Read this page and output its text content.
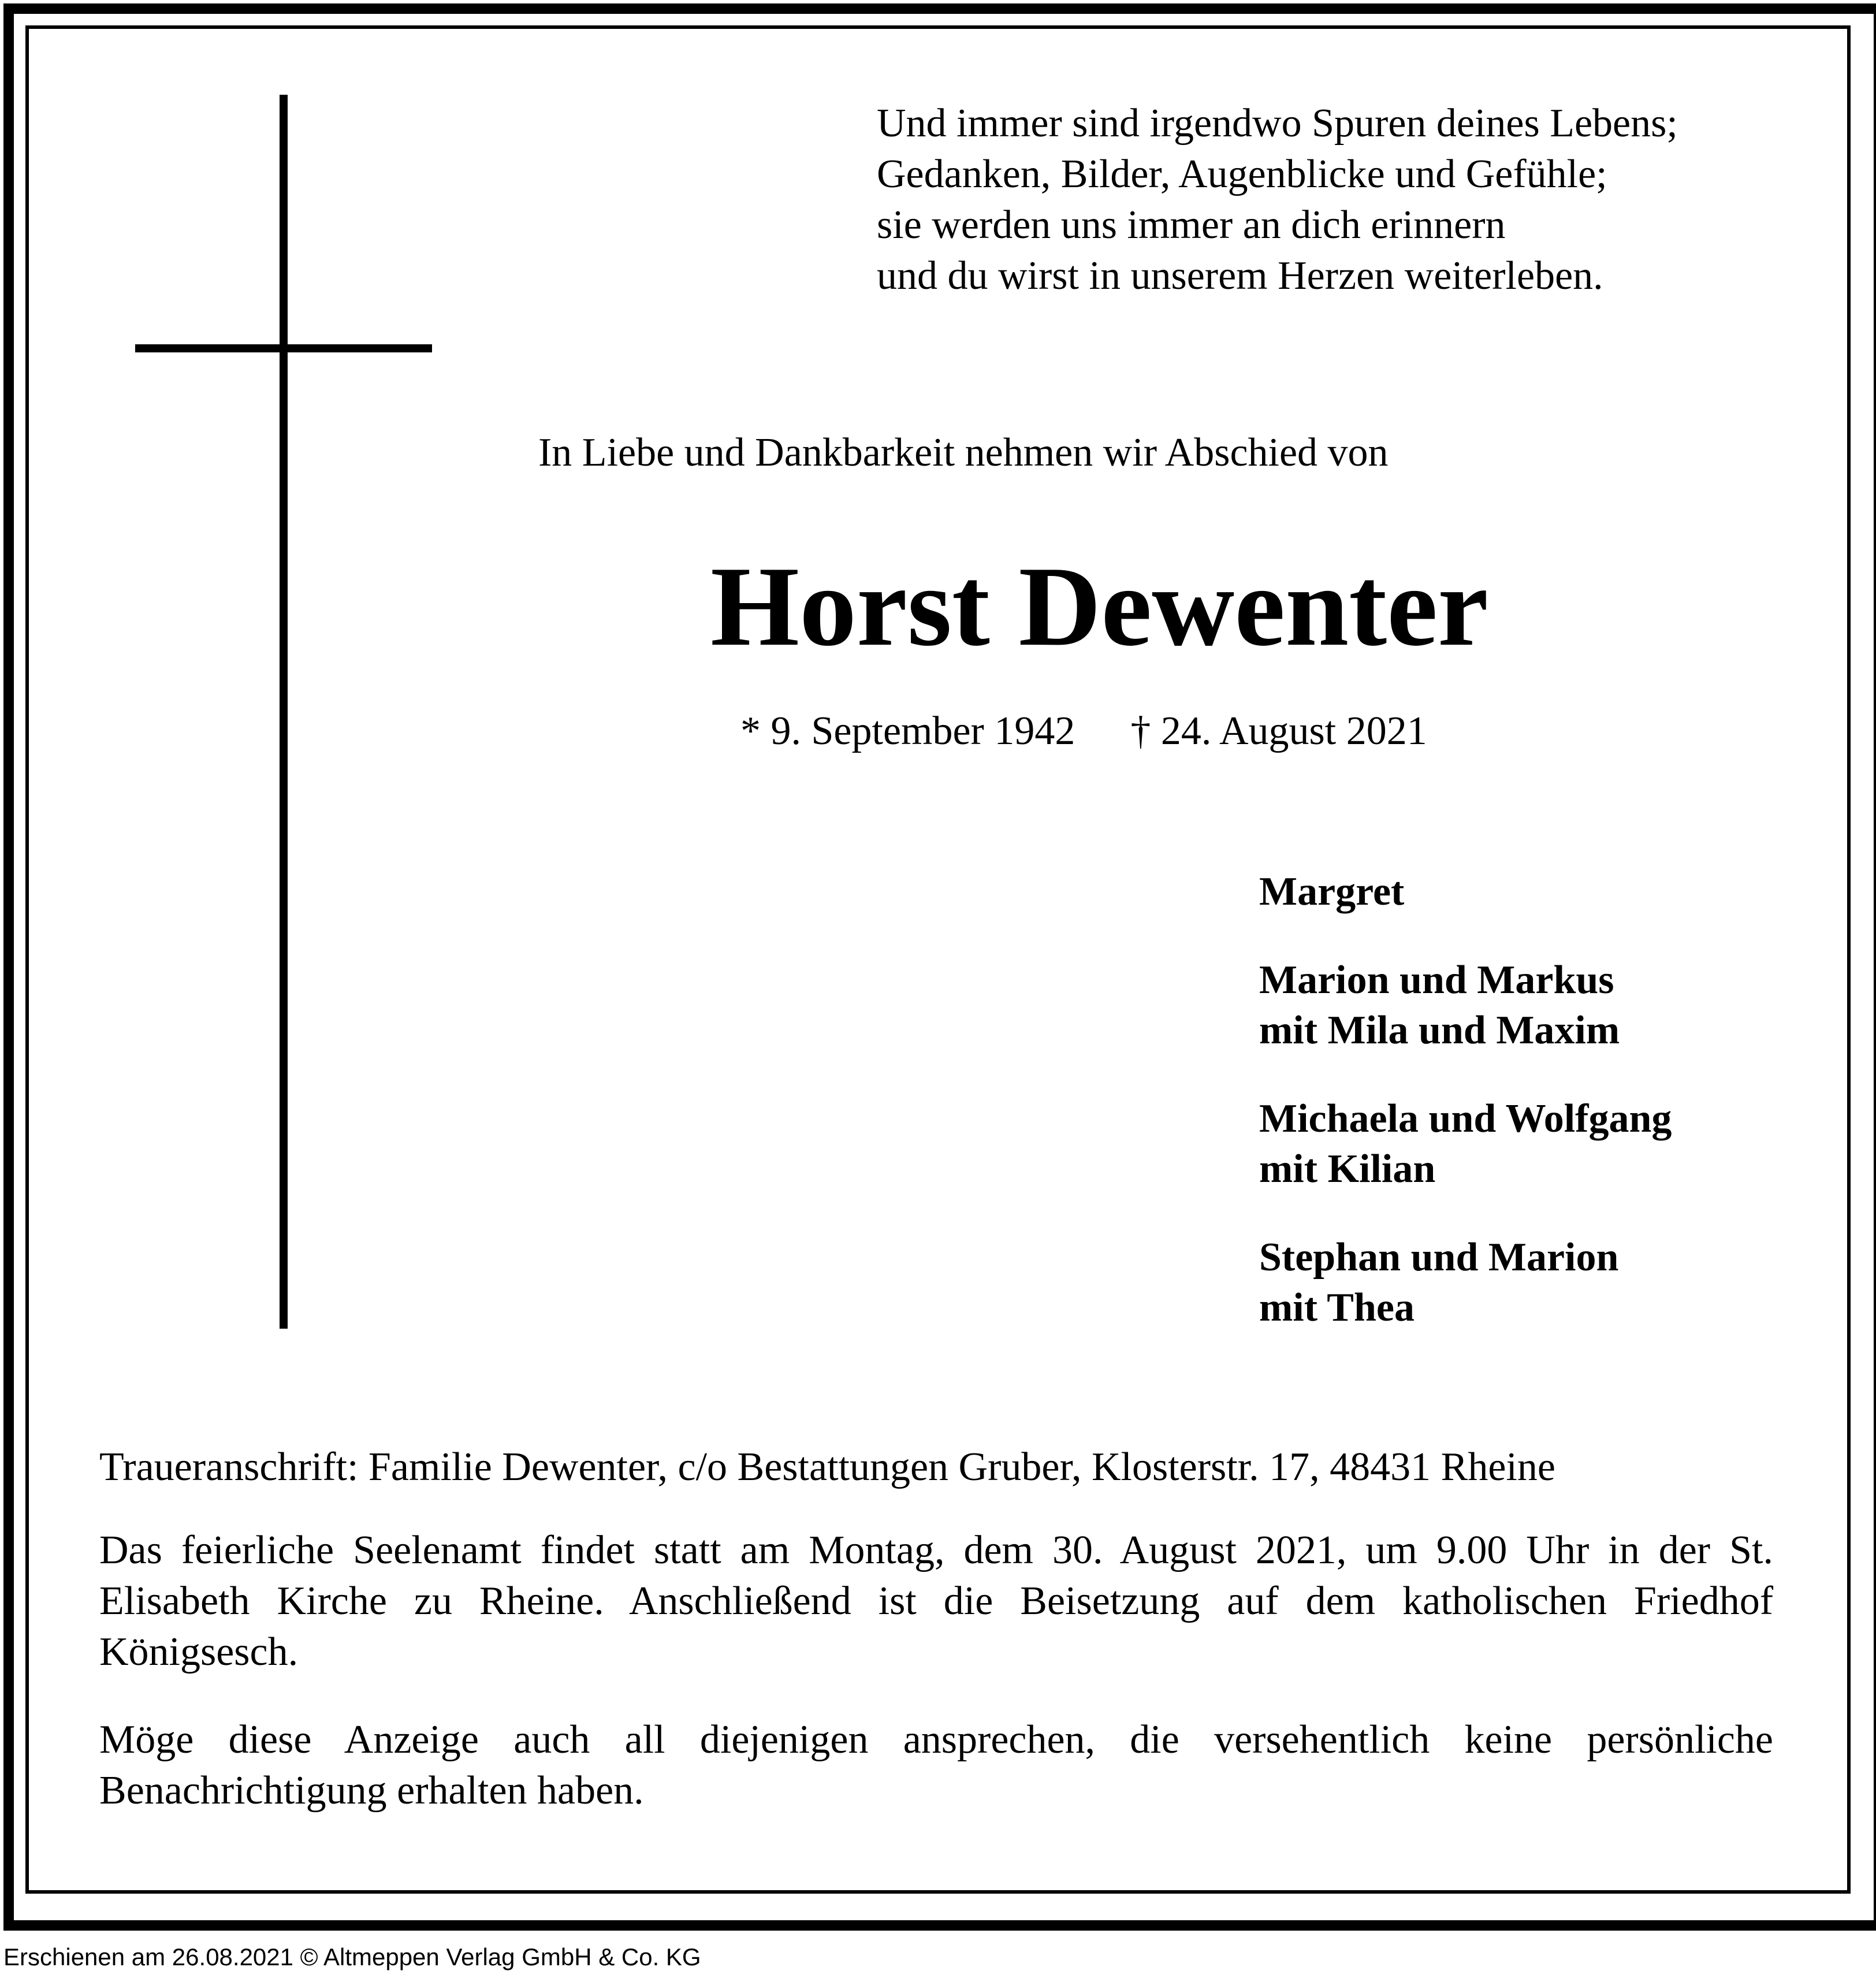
Und immer sind irgendwo Spuren deines Lebens;
Gedanken, Bilder, Augenblicke und Gefühle;
sie werden uns immer an dich erinnern
und du wirst in unserem Herzen weiterleben.
In Liebe und Dankbarkeit nehmen wir Abschied von
Horst Dewenter
* 9. September 1942 † 24. August 2021
Margret
Marion und Markus
mit Mila und Maxim
Michaela und Wolfgang
mit Kilian
Stephan und Marion
mit Thea
Traueranschrift: Familie Dewenter, c/o Bestattungen Gruber, Klosterstr. 17, 48431 Rheine
Das feierliche Seelenamt findet statt am Montag, dem 30. August 2021, um 9.00 Uhr in der St. Elisabeth Kirche zu Rheine. Anschließend ist die Beisetzung auf dem katholischen Friedhof Königsesch.
Möge diese Anzeige auch all diejenigen ansprechen, die versehentlich keine persönliche Benachrichtigung erhalten haben.
Erschienen am 26.08.2021 © Altmeppen Verlag GmbH & Co. KG
